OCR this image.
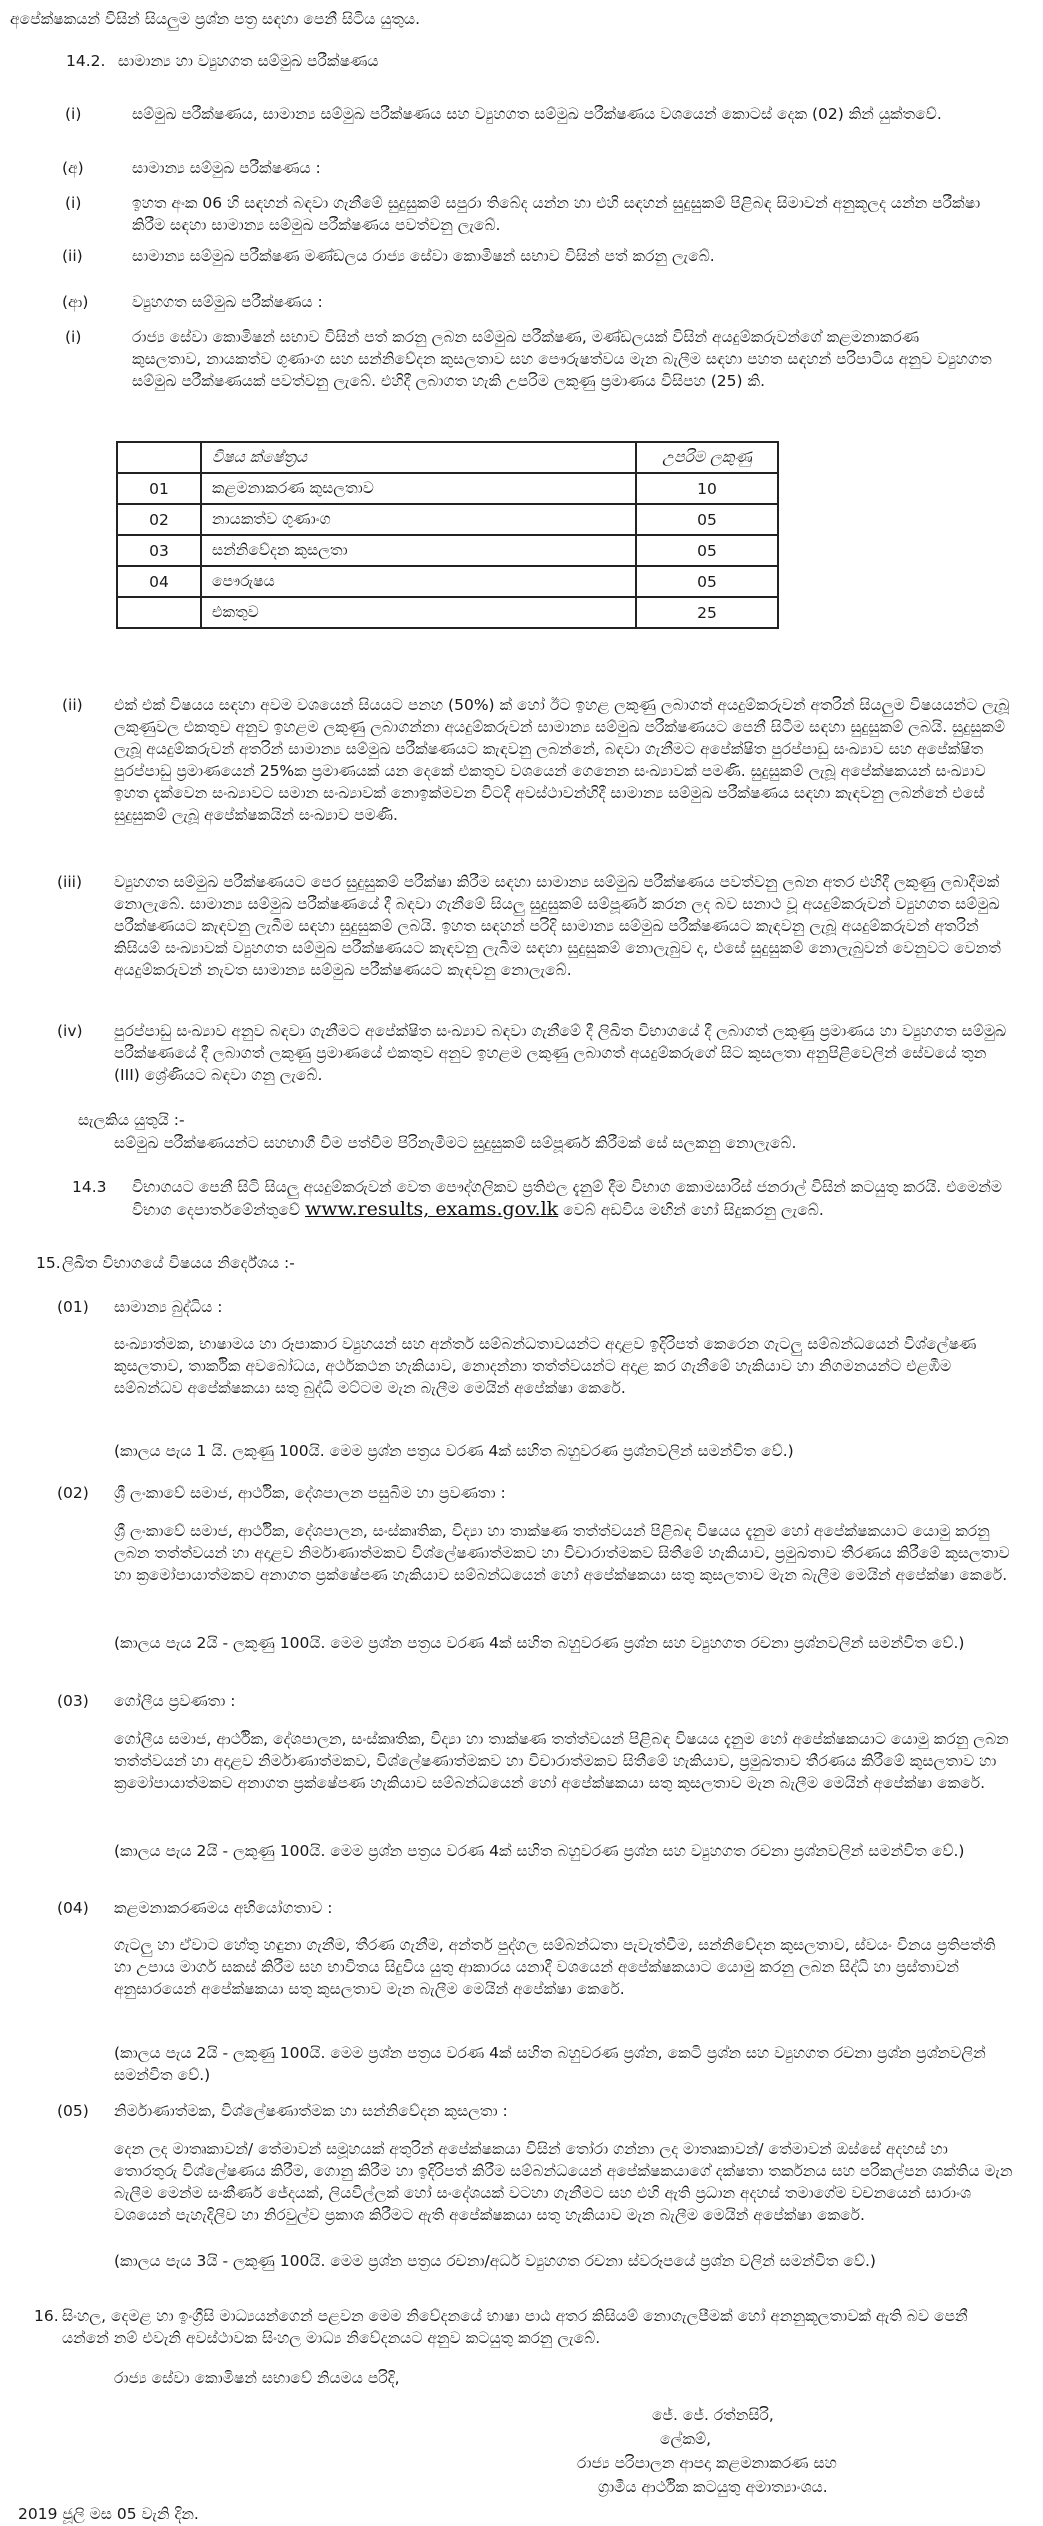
අපේක්ෂකයන් විසින් සියලුම ප්‍රශ්න පත්‍ර සඳහා පෙනී සිටිය යුතුය.
14.2. සාමාන්‍ය හා ව්‍යුහගත සම්මුඛ පරීක්ෂණය
(i)	සම්මුඛ පරීක්ෂණය, සාමාන්‍ය සම්මුඛ පරීක්ෂණය සහ ව්‍යුහගත සම්මුඛ පරීක්ෂණය වශයෙන් කොටස් දෙක (02) කින් යුක්තවේ.
(අ)	සාමාන්‍ය සම්මුඛ පරීක්ෂණය :
(i)	ඉහත අංක 06 හි සඳහන් බඳවා ගැනීමේ සුදුසුකම් සපුරා තිබේද යන්න හා එහි සඳහන් සුදුසුකම් පිළිබඳ සිමාවන් අනුකූලද යන්න පරීක්ෂා කිරීම සඳහා සාමාන්‍ය සම්මුඛ පරීක්ෂණය පවත්වනු ලැබේ.
(ii)	සාමාන්‍ය සම්මුඛ පරීක්ෂණ මණ්ඩලය රාජ්‍ය සේවා කොමිෂන් සභාව විසින් පත් කරනු ලැබේ.
(ආ)	ව්‍යුහගත සම්මුඛ පරීක්ෂණය :
(i)	රාජ්‍ය සේවා කොමිෂන් සභාව විසින් පත් කරනු ලබන සම්මුඛ පරීක්ෂණ, මණ්ඩලයක් විසින් අයදුම්කරුවන්ගේ කළමනාකරණ කුසලතාව, නායකත්ව ගුණාංග සහ සන්නිවේදන කුසලතාව සහ පෞරුෂත්වය මැන බැලීම සඳහා පහත සඳහන් පරිපාටිය අනුව ව්‍යුහගත සම්මුඛ පරීක්ෂණයක් පවත්වනු ලැබේ. එහිදී ලබාගත හැකි උපරිම ලකුණු ප්‍රමාණය විසිපහ (25) කි.
	විෂය ක්ෂේත්‍රය	උපරිම ලකුණු
01	කළමනාකරණ කුසලතාව	10
02	නායකත්ව ගුණාංග	05
03	සන්නිවේදන කුසලතා	05
04	පෞරුෂය	05
	එකතුව	25
(ii) එක් එක් විෂයය සඳහා අවම වශයෙන් සියයට පනහ (50%) ක් හෝ ඊට ඉහළ ලකුණු ලබාගත් අයදුම්කරුවන් අතරින් සියලුම විෂයයන්ට ලැබූ ලකුණුවල එකතුව අනුව ඉහළම ලකුණු ලබාගන්නා අයදුම්කරුවන් සාමාන්‍ය සම්මුඛ පරීක්ෂණයට පෙනී සිටීම සඳහා සුදුසුකම් ලබයි. සුදුසුකම් ලැබූ අයදුම්කරුවන් අතරින් සාමාන්‍ය සම්මුඛ පරීක්ෂණයට කැඳවනු ලබන්නේ, බඳවා ගැනීමට අපේක්ෂිත පුරප්පාඩු සංඛ්‍යාව සහ අපේක්ෂිත පුරප්පාඩු ප්‍රමාණයෙන් 25%ක ප්‍රමාණයක් යන දෙකේ එකතුව වශයෙන් ගෙනෙන සංඛ්‍යාවක් පමණි. සුදුසුකම් ලැබූ අපේක්ෂකයන් සංඛ්‍යාව ඉහත දැක්වෙන සංඛ්‍යාවට සමාන සංඛ්‍යාවක් නොඉක්මවන විටදී අවස්ථාවන්හිදී සාමාන්‍ය සම්මුඛ පරීක්ෂණය සඳහා කැඳවනු ලබන්නේ එසේ සුදුසුකම් ලැබූ අපේක්ෂකයින් සංඛ්‍යාව පමණි.
(iii) ව්‍යුහගත සම්මුඛ පරීක්ෂණයට පෙර සුදුසුකම් පරීක්ෂා කිරීම සඳහා සාමාන්‍ය සම්මුඛ පරීක්ෂණය පවත්වනු ලබන අතර එහිදී ලකුණු ලබාදීමක් නොලැබේ. සාමාන්‍ය සම්මුඛ පරීක්ෂණයේ දී බඳවා ගැනීමේ සියලු සුදුසුකම් සම්පූර්ණ කරන ලද බව සනාථ වූ අයදුම්කරුවන් ව්‍යුහගත සම්මුඛ පරීක්ෂණයට කැඳවනු ලැබීම සඳහා සුදුසුකම් ලබයි. ඉහත සඳහන් පරිදි සාමාන්‍ය සම්මුඛ පරීක්ෂණයට කැඳවනු ලැබූ අයදුම්කරුවන් අතරින් කිසියම් සංඛ්‍යාවක් ව්‍යුහගත සම්මුඛ පරීක්ෂණයට කැඳවනු ලැබීම සඳහා සුදුසුකම් නොලැබුව ද, එසේ සුදුසුකම් නොලැබුවන් වෙනුවට වෙනත් අයදුම්කරුවන් නැවත සාමාන්‍ය සම්මුඛ පරීක්ෂණයට කැඳවනු නොලැබේ.
(iv) පුරප්පාඩු සංඛ්‍යාව අනුව බඳවා ගැනීමට අපේක්ෂිත සංඛ්‍යාව බඳවා ගැනීමේ දී ලිඛිත විභාගයේ දී ලබාගත් ලකුණු ප්‍රමාණය හා ව්‍යුහගත සම්මුඛ පරීක්ෂණයේ දී ලබාගත් ලකුණු ප්‍රමාණයේ එකතුව අනුව ඉහළම ලකුණු ලබාගත් අයදුම්කරුගේ සිට කුසලතා අනුපිළිවෙලින් සේවයේ තුන (III) ශ්‍රේණියට බඳවා ගනු ලැබේ.
සැලකිය යුතුයි :-
සම්මුඛ පරීක්ෂණයන්ට සහභාගී වීම පත්වීම පිරිනැමීමට සුදුසුකම් සම්පූර්ණ කිරීමක් සේ සලකනු නොලැබේ.
14.3 විභාගයට පෙනී සිටි සියලු අයදුම්කරුවන් වෙත පෞද්ගලිකව ප්‍රතිඵල දැනුම් දීම විභාග කොමසාරිස් ජනරාල් විසින් කටයුතු කරයි. එමෙන්ම විභාග දෙපාර්තමේන්තුවේ www.results, exams.gov.lk වෙබ් අඩවිය මඟින් හෝ සිදුකරනු ලැබේ.
15. ලිඛිත විභාගයේ විෂයය නිර්දේශය :-
(01) සාමාන්‍ය බුද්ධිය :
සංඛ්‍යාත්මක, භාෂාමය හා රූපාකාර ව්‍යුහයන් සහ අන්තර් සම්බන්ධතාවයන්ට අදාළව ඉදිරිපත් කෙරෙන ගැටලු සම්බන්ධයෙන් විශ්ලේෂණ කුසලතාව, තාර්කික අවබෝධය, අර්ථකථන හැකියාව, නොදන්නා තත්ත්වයන්ට අදාළ කර ගැනීමේ හැකියාව හා නිගමනයන්ට එළඹීම සම්බන්ධව අපේක්ෂකයා සතු බුද්ධි මට්ටම මැන බැලීම මෙයින් අපේක්ෂා කෙරේ.
(කාලය පැය 1 යි. ලකුණු 100යි. මෙම ප්‍රශ්න පත්‍රය වරණ 4ක් සහිත බහුවරණ ප්‍රශ්නවලින් සමන්විත වේ.)
(02) ශ්‍රී ලංකාවේ සමාජ, ආර්ථික, දේශපාලන පසුබිම හා ප්‍රවණතා :
ශ්‍රී ලංකාවේ සමාජ, ආර්ථික, දේශපාලන, සංස්කෘතික, විද්‍යා හා තාක්ෂණ තත්ත්වයන් පිළිබඳ විෂයය දැනුම හෝ අපේක්ෂකයාට යොමු කරනු ලබන තත්ත්වයන් හා අදාළව නිර්මාණාත්මකව විශ්ලේෂණාත්මකව හා විචාරාත්මකව සිතීමේ හැකියාව, ප්‍රමුඛතාව තීරණය කිරීමේ කුසලතාව හා ක්‍රමෝපායාත්මකව අනාගත ප්‍රක්ෂේපණ හැකියාව සම්බන්ධයෙන් හෝ අපේක්ෂකයා සතු කුසලතාව මැන බැලීම මෙයින් අපේක්ෂා කෙරේ.
(කාලය පැය 2යි - ලකුණු 100යි. මෙම ප්‍රශ්න පත්‍රය වරණ 4ක් සහිත බහුවරණ ප්‍රශ්න සහ ව්‍යුහගත රචනා ප්‍රශ්නවලින් සමන්විත වේ.)
(03) ගෝලීය ප්‍රවණතා :
ගෝලීය සමාජ, ආර්ථික, දේශපාලන, සංස්කෘතික, විද්‍යා හා තාක්ෂණ තත්ත්වයන් පිළිබඳ විෂයය දැනුම හෝ අපේක්ෂකයාට යොමු කරනු ලබන තත්ත්වයන් හා අදාළව නිර්මාණාත්මකව, විශ්ලේෂණාත්මකව හා විචාරාත්මකව සිතීමේ හැකියාව, ප්‍රමුඛතාව තීරණය කිරීමේ කුසලතාව හා ක්‍රමෝපායාත්මකව අනාගත ප්‍රක්ෂේපණ හැකියාව සම්බන්ධයෙන් හෝ අපේක්ෂකයා සතු කුසලතාව මැන බැලීම මෙයින් අපේක්ෂා කෙරේ.
(කාලය පැය 2යි - ලකුණු 100යි. මෙම ප්‍රශ්න පත්‍රය වරණ 4ක් සහිත බහුවරණ ප්‍රශ්න සහ ව්‍යුහගත රචනා ප්‍රශ්නවලින් සමන්විත වේ.)
(04) කළමනාකරණමය අභියෝගතාව :
ගැටලු හා ඒවාට හේතු හඳුනා ගැනීම, තීරණ ගැනීම, අන්තර් පුද්ගල සම්බන්ධතා පැවැත්වීම, සන්නිවේදන කුසලතාව, ස්වයං විනය ප්‍රතිපත්ති හා උපාය මාර්ග සකස් කිරීම සහ භාවිතය සිදුවිය යුතු ආකාරය යනාදී වශයෙන් අපේක්ෂකයාට යොමු කරනු ලබන සිද්ධි හා ප්‍රස්තාවන් අනුසාරයෙන් අපේක්ෂකයා සතු කුසලතාව මැන බැලීම මෙයින් අපේක්ෂා කෙරේ.
(කාලය පැය 2යි - ලකුණු 100යි. මෙම ප්‍රශ්න පත්‍රය වරණ 4ක් සහිත බහුවරණ ප්‍රශ්න, කෙටි ප්‍රශ්න සහ ව්‍යුහගත රචනා ප්‍රශ්න ප්‍රශ්නවලින් සමන්විත වේ.)
(05) නිර්මාණාත්මක, විශ්ලේෂණාත්මක හා සන්නිවේදන කුසලතා :
දෙන ලද මාතෘකාවන්/ තේමාවන් සමූහයක් අතුරින් අපේක්ෂකයා විසින් තෝරා ගන්නා ලද මාතෘකාවන්/ තේමාවන් ඔස්සේ අදහස් හා තොරතුරු විශ්ලේෂණය කිරීම, ගොනු කිරීම හා ඉදිරිපත් කිරීම සම්බන්ධයෙන් අපේක්ෂකයාගේ දක්ෂතා තර්කනය සහ පරිකල්පන ශක්තිය මැන බැලීම මෙන්ම සංකීර්ණ ජේදයක්, ලියවිල්ලක් හෝ සංදේශයක් වටහා ගැනීමට සහ එහි ඇති ප්‍රධාන අදහස් තමාගේම වචනයෙන් සාරාංශ වශයෙන් පැහැදිලිව හා නිරවුල්ව ප්‍රකාශ කිරීමට ඇති අපේක්ෂකයා සතු හැකියාව මැන බැලීම මෙයින් අපේක්ෂා කෙරේ.
(කාලය පැය 3යි - ලකුණු 100යි. මෙම ප්‍රශ්න පත්‍රය රචනා/අර්ධ ව්‍යුහගත රචනා ස්වරූපයේ ප්‍රශ්න වලින් සමන්විත වේ.)
16. සිංහල, දෙමළ හා ඉංග්‍රීසි මාධ්‍යයන්ගෙන් පළවන මෙම නිවේදනයේ භාෂා පාඨ අතර කිසියම් නොගැලපීමක් හෝ අනනුකූලතාවක් ඇති බව පෙනී යන්නේ නම් එවැනි අවස්ථාවක සිංහල මාධ්‍ය නිවේදනයට අනුව කටයුතු කරනු ලැබේ.
රාජ්‍ය සේවා කොමිෂන් සභාවේ නියමය පරිදි,
ජේ. ජේ. රත්නසිරි,
ලේකම්,
රාජ්‍ය පරිපාලන ආපදා කළමනාකරණ සහ
ග්‍රාමීය ආර්ථික කටයුතු අමාත්‍යාංශය.
2019 ජූලි මස 05 වැනි දින.
